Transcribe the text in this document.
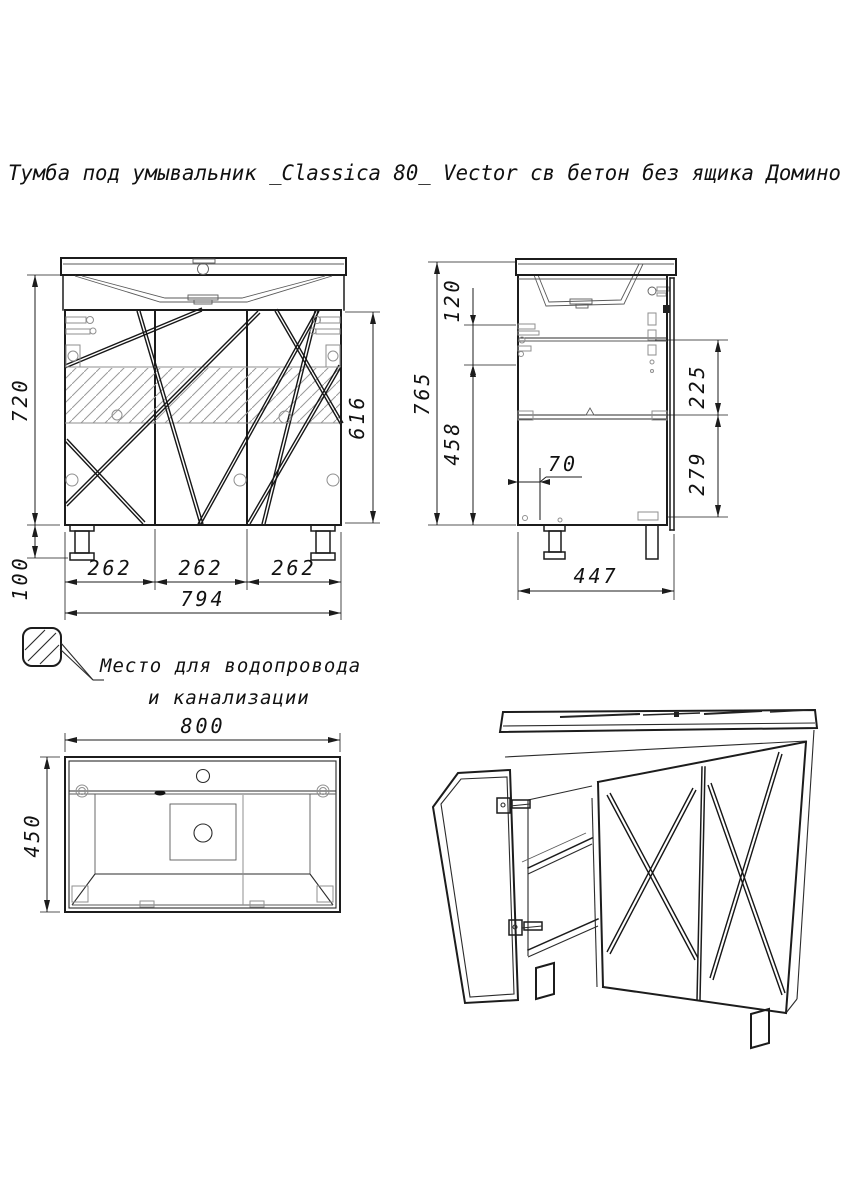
Тумба под умывальник _Classica 80_ Vector св бетон без ящика Домино
720
100
616
262 262 262
794
765
120
458
225
279
70
447
Место для водопровода
и канализации
800
450
